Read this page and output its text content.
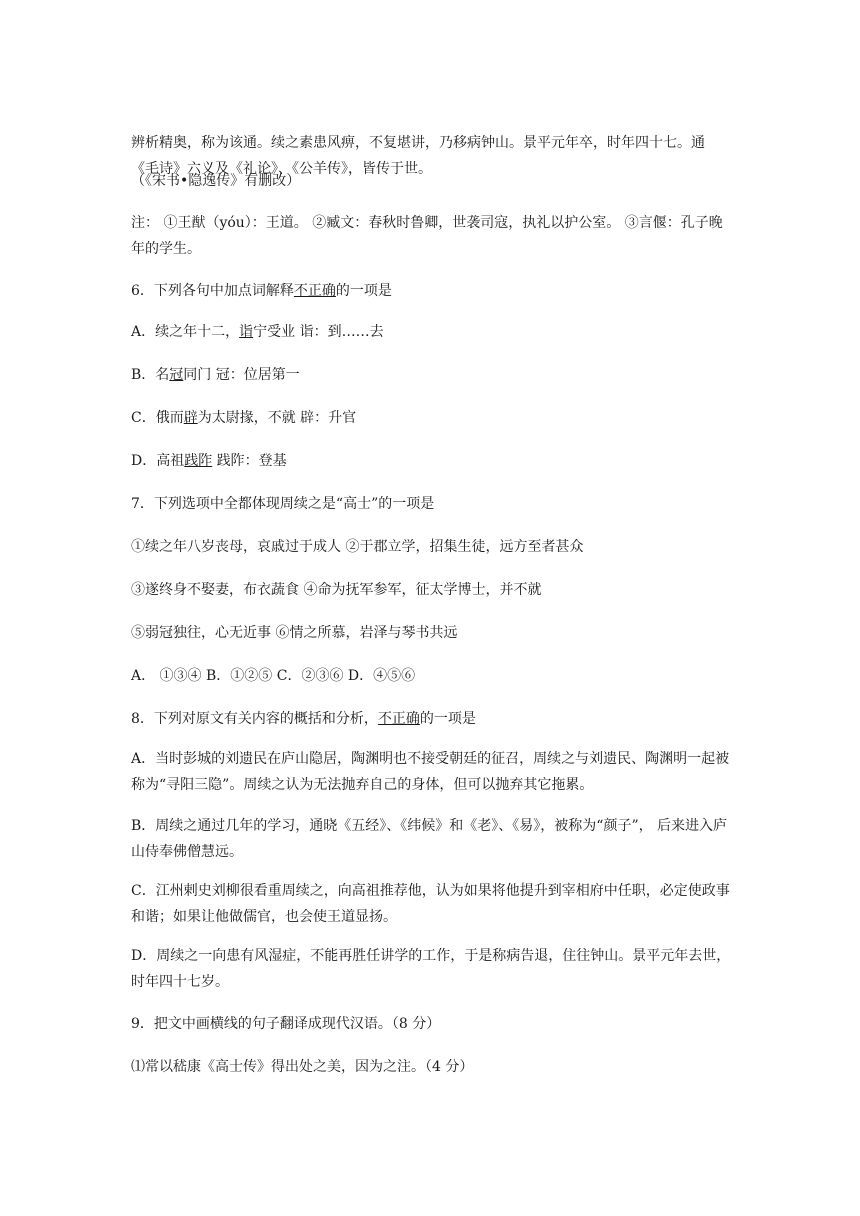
辨析精奥，称为该通。续之素患风痹，不复堪讲，乃移病钟山。景平元年卒，时年四十七。通《毛诗》六义及《礼论》、《公羊传》，皆传于世。
（《宋书•隐逸传》有删改）
注： ①王猷（yóu）：王道。 ②臧文：春秋时鲁卿，世袭司寇，执礼以护公室。 ③言偃：孔子晚年的学生。
6．下列各句中加点词解释不正确的一项是
A．续之年十二，诣宁受业 诣：到……去
B．名冠同门 冠：位居第一
C．俄而辟为太尉掾，不就 辟：升官
D．高祖践阼 践阼：登基
7．下列选项中全都体现周续之是“高士”的一项是
①续之年八岁丧母，哀戚过于成人 ②于郡立学，招集生徒，远方至者甚众
③遂终身不娶妻，布衣蔬食 ④命为抚军参军，征太学博士，并不就
⑤弱冠独往，心无近事 ⑥情之所慕，岩泽与琴书共远
A． ①③④ B．①②⑤ C．②③⑥ D．④⑤⑥
8．下列对原文有关内容的概括和分析，不正确的一项是
A．当时彭城的刘遗民在庐山隐居，陶渊明也不接受朝廷的征召，周续之与刘遗民、陶渊明一起被称为“寻阳三隐”。周续之认为无法抛弃自己的身体，但可以抛弃其它拖累。
B．周续之通过几年的学习，通晓《五经》、《纬候》和《老》、《易》，被称为“颜子”， 后来进入庐山侍奉佛僧慧远。
C．江州剌史刘柳很看重周续之，向高祖推荐他，认为如果将他提升到宰相府中任职，必定使政事和谐；如果让他做儒官，也会使王道显扬。
D．周续之一向患有风湿症，不能再胜任讲学的工作，于是称病告退，住往钟山。景平元年去世，时年四十七岁。
9．把文中画横线的句子翻译成现代汉语。（8 分）
⑴常以嵇康《高士传》得出处之美，因为之注。（4 分）
